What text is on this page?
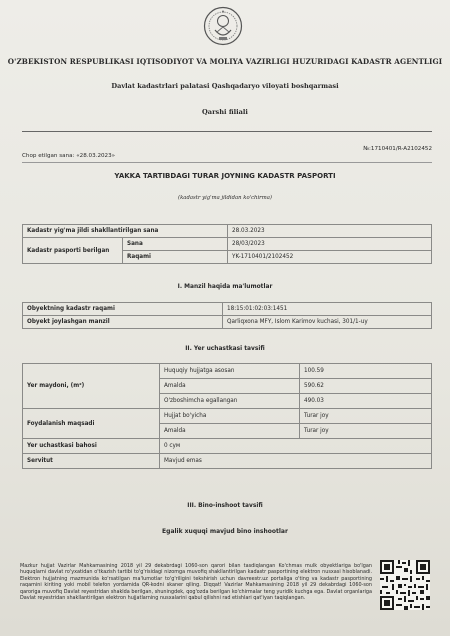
O'ZBEKISTON RESPUBLIKASI IQTISODIYOT VA MOLIYA VAZIRLIGI HUZURIDAGI KADASTR AGENTLIGI
Davlat kadastrlari palatasi Qashqadaryo viloyati boshqarmasi
Qarshi filiali
№:1710401/R-A2102452
Chop etilgan sana: «28.03.2023»
YAKKA TARTIBDAGI TURAR JOYNING KADASTR PASPORTI
(kadastr yig'ma jildidan ko'chirma)
Kadastr yig'ma jildi shakllantirilgan sana		28.03.2023
Kadastr pasporti berilgan	Sana	28/03/2023
	Raqami	YK-1710401/2102452
I. Manzil haqida ma'lumotlar
Obyektning kadastr raqami	18:15:01:02:03:1451
Obyekt joylashgan manzil	Qarliqxona MFY, Islom Karimov kuchasi, 301/1-uy
II. Yer uchastkasi tavsifi
Yer maydoni, (m²)	Huquqiy hujjatga asosan	100.59
	Amalda	590.62
	O'zboshimcha egallangan	490.03
Foydalanish maqsadi	Hujjat bo'yicha	Turar joy
	Amalda	Turar joy
Yer uchastkasi bahosi	0 сум	
Servitut	Mavjud emas	
III. Bino-inshoot tavsifi
Egalik xuquqi mavjud bino inshootlar
Mazkur hujjat Vazirlar Mahkamasining 2018 yil 29 dekabrdagi 1060-son qarori bilan tasdiqlangan Ko'chmas mulk obyektlariga bo'lgan huquqlarni davlat ro'yxatidan o'tkazish tartibi to'g'risidagi nizomga muvofiq shakllantirilgan kadastr pasportining elektron nusxasi hisoblanadi. Elektron hujjatning mazmunida ko'rsatilgan ma'lumotlar to'g'riligini tekshirish uchun davreestr.uz portaliga o'ting va kadastr pasportining raqamini kiriting yoki mobil telefon yordamida QR-kodni skaner qiling. Diqqat! Vazirlar Mahkamasining 2018 yil 29 dekabrdagi 1060-son qaroriga muvofiq Davlat reyestridan shaklda berilgan, shuningdek, qog'ozda berilgan ko'chirmalar teng yuridik kuchga ega. Davlat organlariga Davlat reyestridan shakllantirilgan elektron hujjatlarning nusxalarini qabul qilishni rad etishlari qat'iyan taqiqlangan.
